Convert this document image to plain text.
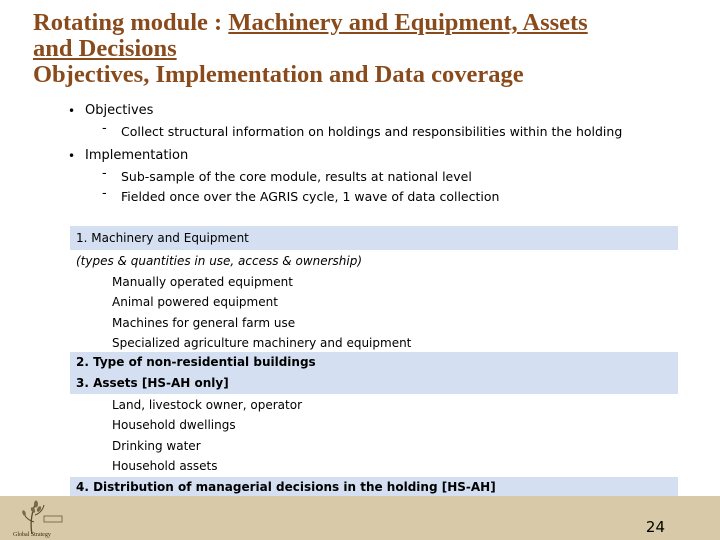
Rotating module : Machinery and Equipment, Assets
and Decisions
Objectives, Implementation and Data coverage
• Objectives
- Collect structural information on holdings and responsibilities within the holding
• Implementation
- Sub-sample of the core module, results at national level
- Fielded once over the AGRIS cycle, 1 wave of data collection
1. Machinery and Equipment
(types & quantities in use, access & ownership)
Manually operated equipment
Animal powered equipment
Machines for general farm use
Specialized agriculture machinery and equipment
2. Type of non-residential buildings
3. Assets [HS-AH only]
Land, livestock owner, operator
Household dwellings
Drinking water
Household assets
4. Distribution of managerial decisions in the holding [HS-AH]
Global Strategy	24
